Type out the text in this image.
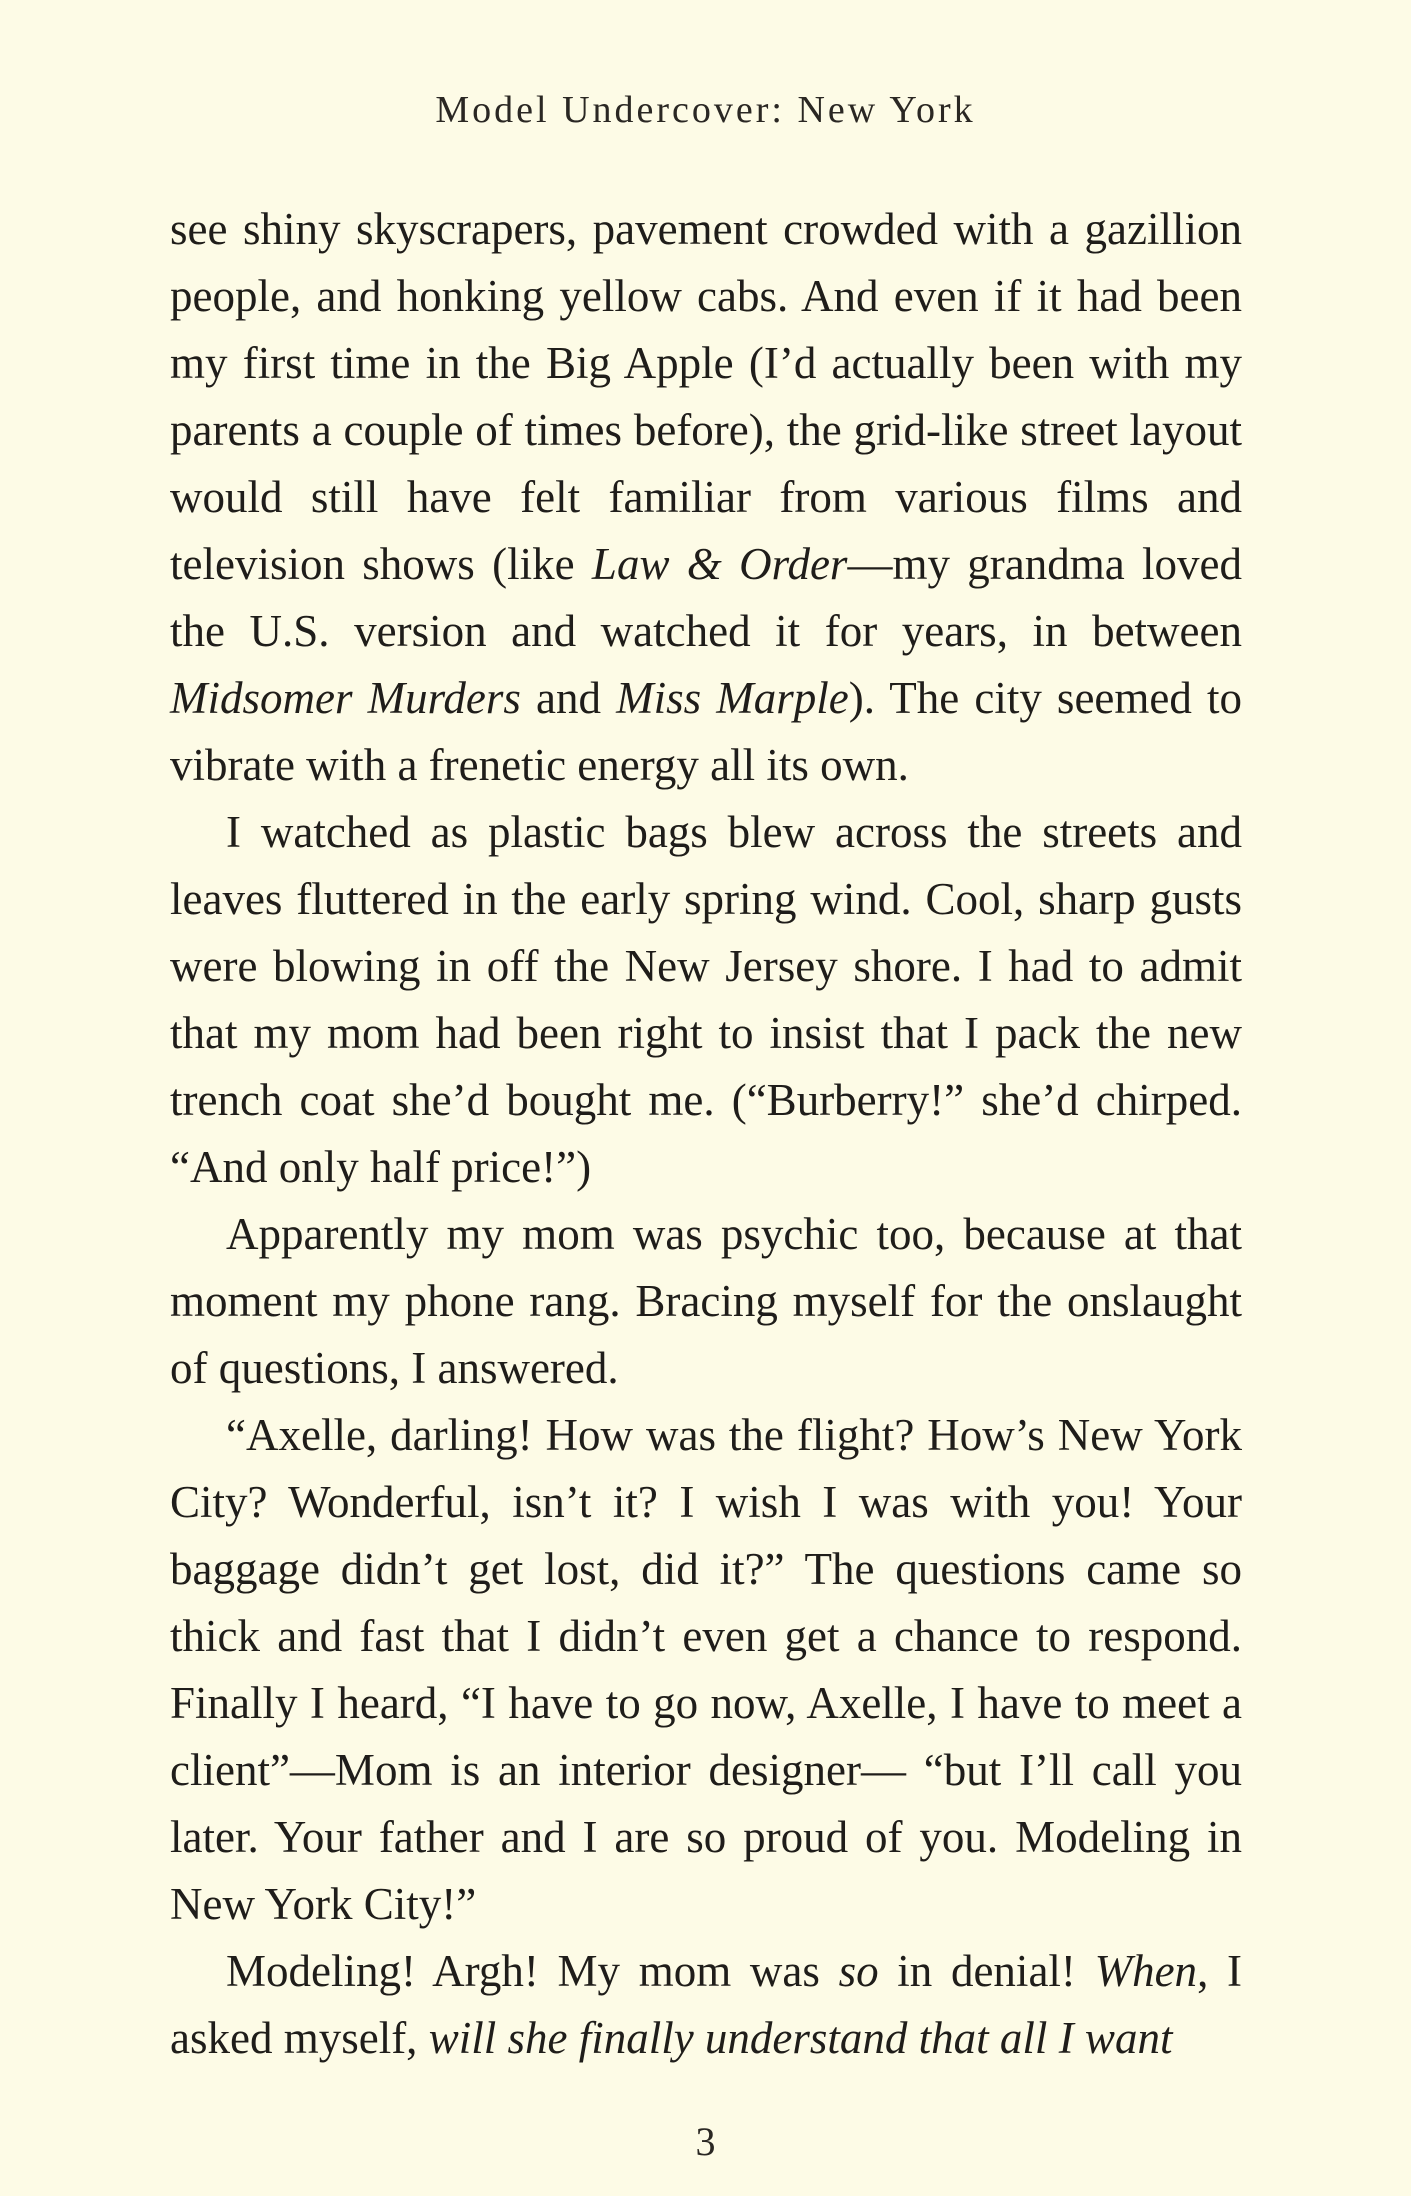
Model Undercover: New York

see shiny skyscrapers, pavement crowded with a gazillion people, and honking yellow cabs. And even if it had been my first time in the Big Apple (I’d actually been with my parents a couple of times before), the grid-like street layout would still have felt familiar from various films and television shows (like Law & Order—my grandma loved the U.S. version and watched it for years, in between Midsomer Murders and Miss Marple). The city seemed to vibrate with a frenetic energy all its own.

I watched as plastic bags blew across the streets and leaves fluttered in the early spring wind. Cool, sharp gusts were blowing in off the New Jersey shore. I had to admit that my mom had been right to insist that I pack the new trench coat she’d bought me. (“Burberry!” she’d chirped. “And only half price!”)

Apparently my mom was psychic too, because at that moment my phone rang. Bracing myself for the onslaught of questions, I answered.

“Axelle, darling! How was the flight? How’s New York City? Wonderful, isn’t it? I wish I was with you! Your baggage didn’t get lost, did it?” The questions came so thick and fast that I didn’t even get a chance to respond. Finally I heard, “I have to go now, Axelle, I have to meet a client”—Mom is an interior designer— “but I’ll call you later. Your father and I are so proud of you. Modeling in New York City!”

Modeling! Argh! My mom was so in denial! When, I asked myself, will she finally understand that all I want

3
